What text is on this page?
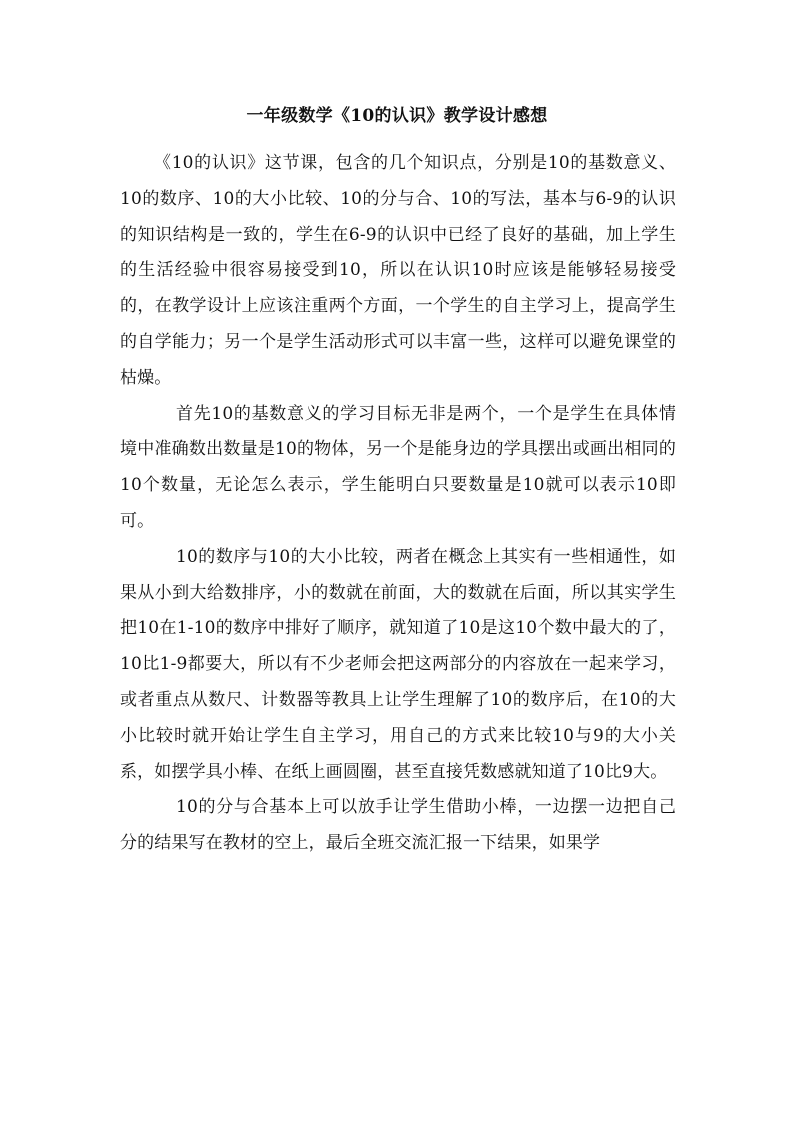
一年级数学《10的认识》教学设计感想

《10的认识》这节课，包含的几个知识点，分别是10的基数意义、10的数序、10的大小比较、10的分与合、10的写法，基本与6-9的认识的知识结构是一致的，学生在6-9的认识中已经了良好的基础，加上学生的生活经验中很容易接受到10，所以在认识10时应该是能够轻易接受的，在教学设计上应该注重两个方面，一个学生的自主学习上，提高学生的自学能力；另一个是学生活动形式可以丰富一些，这样可以避免课堂的枯燥。

首先10的基数意义的学习目标无非是两个，一个是学生在具体情境中准确数出数量是10的物体，另一个是能身边的学具摆出或画出相同的10个数量，无论怎么表示，学生能明白只要数量是10就可以表示10即可。

10的数序与10的大小比较，两者在概念上其实有一些相通性，如果从小到大给数排序，小的数就在前面，大的数就在后面，所以其实学生把10在1-10的数序中排好了顺序，就知道了10是这10个数中最大的了，10比1-9都要大，所以有不少老师会把这两部分的内容放在一起来学习，或者重点从数尺、计数器等教具上让学生理解了10的数序后，在10的大小比较时就开始让学生自主学习，用自己的方式来比较10与9的大小关系，如摆学具小棒、在纸上画圆圈，甚至直接凭数感就知道了10比9大。

10的分与合基本上可以放手让学生借助小棒，一边摆一边把自己分的结果写在教材的空上，最后全班交流汇报一下结果，如果学
